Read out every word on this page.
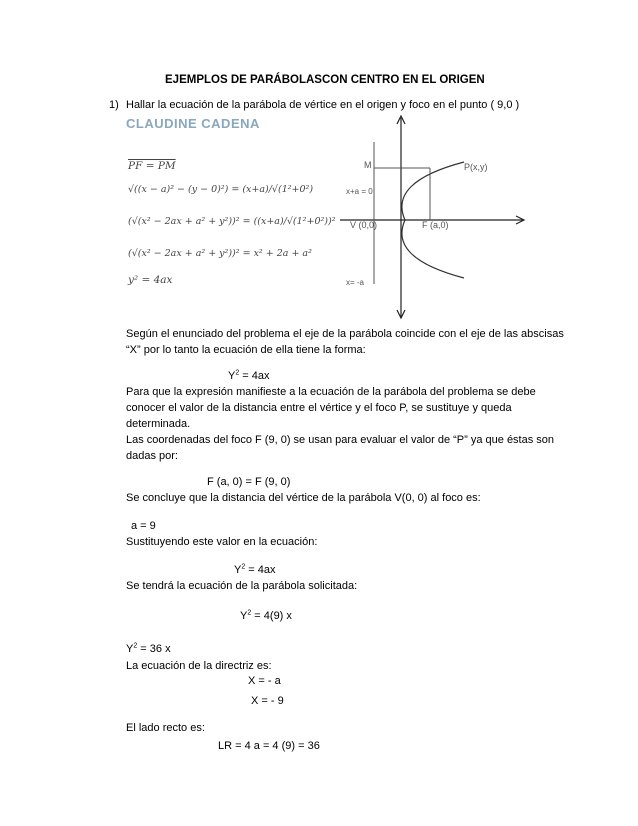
EJEMPLOS DE PARÁBOLASCON CENTRO EN EL ORIGEN
1) Hallar la ecuación de la parábola de vértice en el origen y foco en el punto ( 9,0 )
CLAUDINE CADENA
PF = PM
√((x − a)² − (y − 0)²) = (x+a)/√(1²+0²)
(√(x² − 2ax + a² + y²))² = ((x+a)/√(1²+0²))²
(√(x² − 2ax + a² + y²))² = x² + 2a + a²
y² = 4ax
M	P(x,y)
x+a = 0
V (0,0)	F (a,0)
x= -a
Según el enunciado del problema el eje de la parábola coincide con el eje de las abscisas
“X” por lo tanto la ecuación de ella tiene la forma:
$Y^2 = 4ax$
Para que la expresión manifieste a la ecuación de la parábola del problema se debe
conocer el valor de la distancia entre el vértice y el foco P, se sustituye y queda
determinada.
Las coordenadas del foco F (9, 0) se usan para evaluar el valor de “P” ya que éstas son
dadas por:
F (a, 0) = F (9, 0)
Se concluye que la distancia del vértice de la parábola V(0, 0) al foco es:
a = 9
Sustituyendo este valor en la ecuación:
$Y^2 = 4ax$
Se tendrá la ecuación de la parábola solicitada:
$Y^2 = 4(9)$ x
$Y^2 = 36$ x
La ecuación de la directriz es:
X = - a
X = - 9
El lado recto es:
LR = 4 a = 4 (9) = 36
